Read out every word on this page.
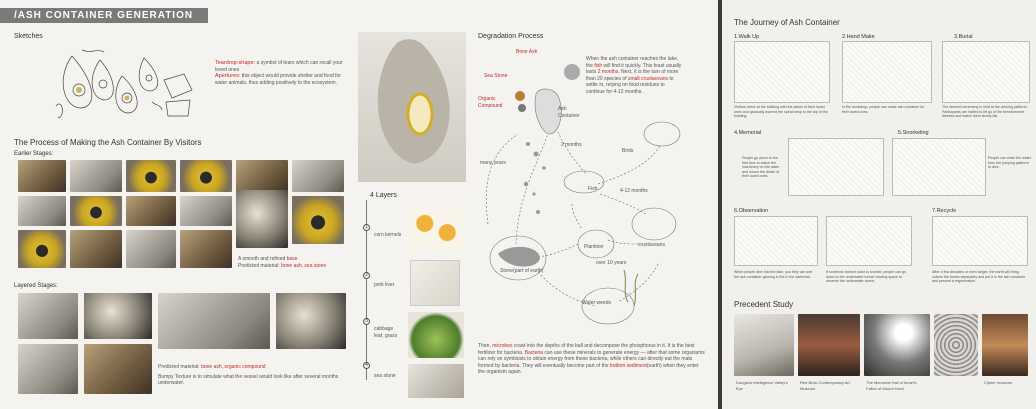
/ASH CONTAINER GENERATION
Sketches
Teardrop-shape: a symbol of tears which can recall your loved ones
Apertures: this object would provide shelter and food for water animals, thus adding positively to the ecosystem.
The Process of Making the Ash Container By Visitors
Earlier Stages:
A smooth and refined base
Predicted material: bone ash, sea stone
Layered Stages:
Predicted material: bone ash, organic compound

Bumpy Texture is to simulate what the vessel would look like after several months underwater.
4 Layers
1
corn kernels
2
pork liver
3
cabbage leaf, grass
4
sea stone
Degradation Process
When the ash container reaches the lake, the fish will find it quickly. This feast usually lasts 2 months. Next, it is the turn of more than 20 species of small crustaceans to settle in, relying on food residues to continue for 4-12 months.
Bone Ash
Sea Stone
Organic Compound
Ash Container
Birds
2 months
many years
Fish	4-12 months
crustaceans
Plankton
Stone(part of earth)
over 10 years
Water weeds
Then, microbes crawl into the depths of the ball and decompose the phosphorus in it. It is the best fertilizer for bacteria. Bacteria can use these minerals to generate energy — after that some organisms can rely on symbiosis to obtain energy from these bacteria, while others can directly eat the mats formed by bacteria. They will eventually become part of the bottom sediment(earth) when they enter the organism again.
The Journey of Ash Container
1.Walk Up
Visitors arrive at the building with the ashes of their loved ones and gradually ascend the spiral ramp to the top of the building.
2.Hand Make
In the workshop, people can make ash container for their loved ones.
3.Burial
The farewell ceremony is held at the viewing platform. Participants are invited to let go of the bereavement distress and watch them slowly fall.
4.Memorial
People go down to the first floor to watch the machinery on the water and mourn the death of their loved ones.
5.Snorkeling
People can enter the water from the jumping platform to dive.
6.Observation
When people dive into the lake, you they can see the ash container glowing in the in the darkness.
If someone doesn't want to snorkel, people can go down to the underwater tunnel viewing space to observe the underwater scene.
7.Recycle
After a few decades or even longer, the earth will bring culture the bones separately and put it in the ash container and present a regeneration.
Precedent Study
Dongshu Intelligence Valley's Eye
Red Brick Contemporary Art Museum
The Memorial Hall of Israel's Fallen of Mount Herzl
Cipher museum
